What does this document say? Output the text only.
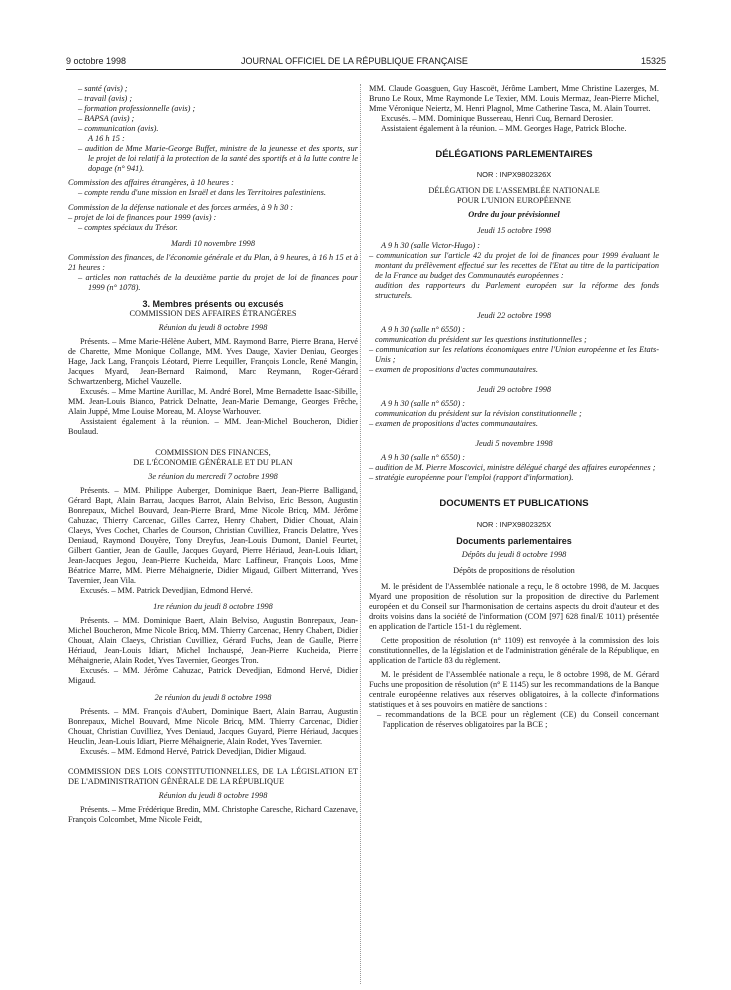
9 octobre 1998	JOURNAL OFFICIEL DE LA RÉPUBLIQUE FRANÇAISE	15325

– santé (avis) ;

– travail (avis) ;

– formation professionnelle (avis) ;

– BAPSA (avis) ;

– communication (avis).

A 16 h 15 :

– audition de Mme Marie-George Buffet, ministre de la jeunesse et des sports, sur le projet de loi relatif à la protection de la santé des sportifs et à la lutte contre le dopage (n° 941).

Commission des affaires étrangères, à 10 heures :

– compte rendu d'une mission en Israël et dans les Territoires palestiniens.

Commission de la défense nationale et des forces armées, à 9 h 30 :

– projet de loi de finances pour 1999 (avis) :

– comptes spéciaux du Trésor.

Mardi 10 novembre 1998

Commission des finances, de l'économie générale et du Plan, à 9 heures, à 16 h 15 et à 21 heures :

– articles non rattachés de la deuxième partie du projet de loi de finances pour 1999 (n° 1078).

3. Membres présents ou excusés

COMMISSION DES AFFAIRES ÉTRANGÈRES

Réunion du jeudi 8 octobre 1998

Présents. – Mme Marie-Hélène Aubert, MM. Raymond Barre, Pierre Brana, Hervé de Charette, Mme Monique Collange, MM. Yves Dauge, Xavier Deniau, Georges Hage, Jack Lang, François Léotard, Pierre Lequiller, François Loncle, René Mangin, Jacques Myard, Jean-Bernard Raimond, Marc Reymann, Roger-Gérard Schwartzenberg, Michel Vauzelle.

Excusés. – Mme Martine Aurillac, M. André Borel, Mme Bernadette Isaac-Sibille, MM. Jean-Louis Bianco, Patrick Delnatte, Jean-Marie Demange, Georges Frêche, Alain Juppé, Mme Louise Moreau, M. Aloyse Warhouver.

Assistaient également à la réunion. – MM. Jean-Michel Boucheron, Didier Boulaud.

COMMISSION DES FINANCES,

DE L'ÉCONOMIE GÉNÉRALE ET DU PLAN

3e réunion du mercredi 7 octobre 1998

Présents. – MM. Philippe Auberger, Dominique Baert, Jean-Pierre Balligand, Gérard Bapt, Alain Barrau, Jacques Barrot, Alain Belviso, Eric Besson, Augustin Bonrepaux, Michel Bouvard, Jean-Pierre Brard, Mme Nicole Bricq, MM. Jérôme Cahuzac, Thierry Carcenac, Gilles Carrez, Henry Chabert, Didier Chouat, Alain Claeys, Yves Cochet, Charles de Courson, Christian Cuvilliez, Francis Delattre, Yves Deniaud, Raymond Douyère, Tony Dreyfus, Jean-Louis Dumont, Daniel Feurtet, Gilbert Gantier, Jean de Gaulle, Jacques Guyard, Pierre Hériaud, Jean-Louis Idiart, Jean-Jacques Jegou, Jean-Pierre Kucheida, Marc Laffineur, François Loos, Mme Béatrice Marre, MM. Pierre Méhaignerie, Didier Migaud, Gilbert Mitterrand, Yves Tavernier, Jean Vila.

Excusés. – MM. Patrick Devedjian, Edmond Hervé.

1re réunion du jeudi 8 octobre 1998

Présents. – MM. Dominique Baert, Alain Belviso, Augustin Bonrepaux, Jean-Michel Boucheron, Mme Nicole Bricq, MM. Thierry Carcenac, Henry Chabert, Didier Chouat, Alain Claeys, Christian Cuvilliez, Gérard Fuchs, Jean de Gaulle, Pierre Hériaud, Jean-Louis Idiart, Michel Inchauspé, Jean-Pierre Kucheida, Pierre Méhaignerie, Alain Rodet, Yves Tavernier, Georges Tron.

Excusés. – MM. Jérôme Cahuzac, Patrick Devedjian, Edmond Hervé, Didier Migaud.

2e réunion du jeudi 8 octobre 1998

Présents. – MM. François d'Aubert, Dominique Baert, Alain Barrau, Augustin Bonrepaux, Michel Bouvard, Mme Nicole Bricq, MM. Thierry Carcenac, Didier Chouat, Christian Cuvilliez, Yves Deniaud, Jacques Guyard, Pierre Hériaud, Jacques Heuclin, Jean-Louis Idiart, Pierre Méhaignerie, Alain Rodet, Yves Tavernier.

Excusés. – MM. Edmond Hervé, Patrick Devedjian, Didier Migaud.

COMMISSION DES LOIS CONSTITUTIONNELLES, DE LA LÉGISLATION ET DE L'ADMINISTRATION GÉNÉRALE DE LA RÉPUBLIQUE

Réunion du jeudi 8 octobre 1998

Présents. – Mme Frédérique Bredin, MM. Christophe Caresche, Richard Cazenave, François Colcombet, Mme Nicole Feidt,

MM. Claude Goasguen, Guy Hascoët, Jérôme Lambert, Mme Christine Lazerges, M. Bruno Le Roux, Mme Raymonde Le Texier, MM. Louis Mermaz, Jean-Pierre Michel, Mme Véronique Neiertz, M. Henri Plagnol, Mme Catherine Tasca, M. Alain Tourret.

Excusés. – MM. Dominique Bussereau, Henri Cuq, Bernard Derosier.

Assistaient également à la réunion. – MM. Georges Hage, Patrick Bloche.

DÉLÉGATIONS PARLEMENTAIRES

NOR : INPX9802326X

DÉLÉGATION DE L'ASSEMBLÉE NATIONALE

POUR L'UNION EUROPÉENNE

Ordre du jour prévisionnel

Jeudi 15 octobre 1998

A 9 h 30 (salle Victor-Hugo) :

– communication sur l'article 42 du projet de loi de finances pour 1999 évaluant le montant du prélèvement effectué sur les recettes de l'Etat au titre de la participation de la France au budget des Communautés européennes :

audition des rapporteurs du Parlement européen sur la réforme des fonds structurels.

Jeudi 22 octobre 1998

A 9 h 30 (salle n° 6550) :

communication du président sur les questions institutionnelles ;

– communication sur les relations économiques entre l'Union européenne et les Etats-Unis ;

– examen de propositions d'actes communautaires.

Jeudi 29 octobre 1998

A 9 h 30 (salle n° 6550) :

communication du président sur la révision constitutionnelle ;

– examen de propositions d'actes communautaires.

Jeudi 5 novembre 1998

A 9 h 30 (salle n° 6550) :

– audition de M. Pierre Moscovici, ministre délégué chargé des affaires européennes ;

– stratégie européenne pour l'emploi (rapport d'information).

DOCUMENTS ET PUBLICATIONS

NOR : INPX9802325X

Documents parlementaires

Dépôts du jeudi 8 octobre 1998

Dépôts de propositions de résolution

M. le président de l'Assemblée nationale a reçu, le 8 octobre 1998, de M. Jacques Myard une proposition de résolution sur la proposition de directive du Parlement européen et du Conseil sur l'harmonisation de certains aspects du droit d'auteur et des droits voisins dans la société de l'information (COM [97] 628 final/E 1011) présentée en application de l'article 151-1 du règlement.

Cette proposition de résolution (n° 1109) est renvoyée à la commission des lois constitutionnelles, de la législation et de l'administration générale de la République, en application de l'article 83 du règlement.

M. le président de l'Assemblée nationale a reçu, le 8 octobre 1998, de M. Gérard Fuchs une proposition de résolution (n° E 1145) sur les recommandations de la Banque centrale européenne relatives aux réserves obligatoires, à la collecte d'informations statistiques et à ses pouvoirs en matière de sanctions :

– recommandations de la BCE pour un règlement (CE) du Conseil concernant l'application de réserves obligatoires par la BCE ;
